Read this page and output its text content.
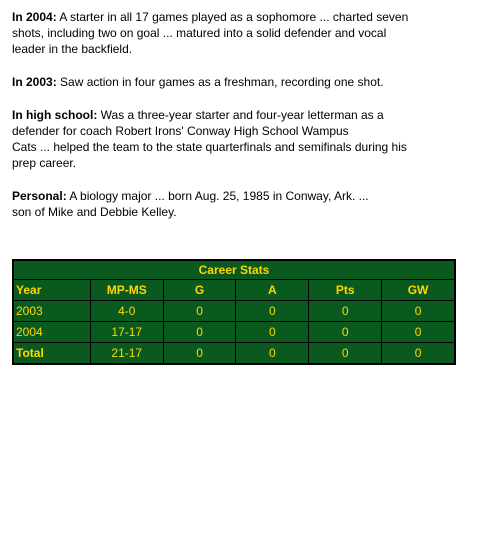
In 2004: A starter in all 17 games played as a sophomore ... charted seven
shots, including two on goal ... matured into a solid defender and vocal
leader in the backfield.

In 2003: Saw action in four games as a freshman, recording one shot.

In high school: Was a three-year starter and four-year letterman as a
defender for coach Robert Irons' Conway High School Wampus
Cats ... helped the team to the state quarterfinals and semifinals during his
prep career.

Personal: A biology major ... born Aug. 25, 1985 in Conway, Ark. ...
son of Mike and Debbie Kelley.

Career Stats					
Year	MP-MS	G	A	Pts	GW
2003	4-0	0	0	0	0
2004	17-17	0	0	0	0
Total	21-17	0	0	0	0
